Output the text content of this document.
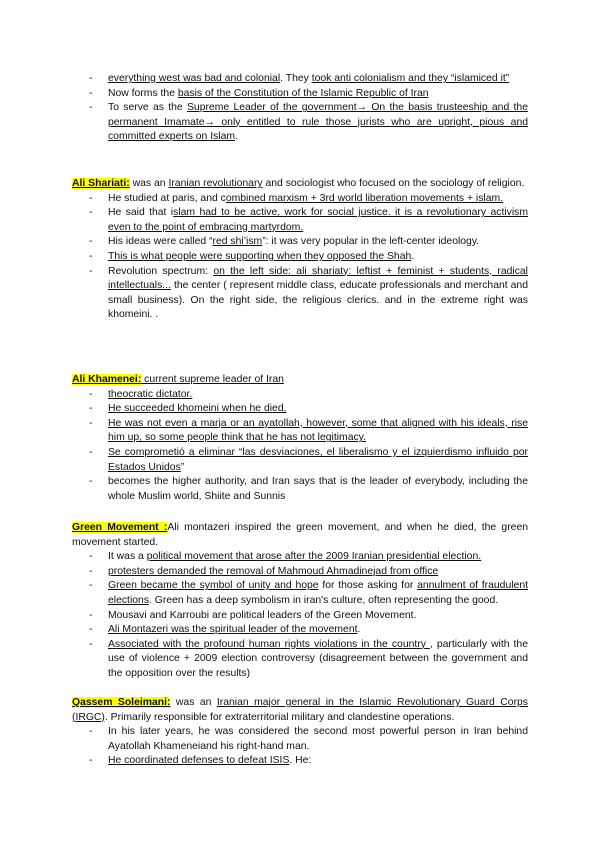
- everything west was bad and colonial. They took anti colonialism and they “islamiced it”
- Now forms the basis of the Constitution of the Islamic Republic of Iran
- To serve as the Supreme Leader of the government→ On the basis trusteeship and the permanent Imamate→ only entitled to rule those jurists who are upright, pious and committed experts on Islam.

Ali Shariati: was an Iranian revolutionary and sociologist who focused on the sociology of religion.

- He studied at paris, and combined marxism + 3rd world liberation movements + islam.
- He said that islam had to be active, work for social justice. it is a revolutionary activism even to the point of embracing martyrdom.
- His ideas were called “red shi’ism”: it was very popular in the left-center ideology.
- This is what people were supporting when they opposed the Shah.
- Revolution spectrum: on the left side: ali shariaty: leftist + feminist + students, radical intellectuals... the center ( represent middle class, educate professionals and merchant and small business). On the right side, the religious clerics. and in the extreme right was khomeini. .

Ali Khamenei: current supreme leader of Iran

- theocratic dictator.
- He succeeded khomeini when he died.
- He was not even a marja or an ayatollah, however, some that aligned with his ideals, rise him up, so some people think that he has not legitimacy.
- Se comprometió a eliminar “las desviaciones, el liberalismo y el izquierdismo influido por Estados Unidos”
- becomes the higher authority, and Iran says that is the leader of everybody, including the whole Muslim world, Shiite and Sunnis

Green Movement :Ali montazeri inspired the green movement, and when he died, the green movement started.

- It was a political movement that arose after the 2009 Iranian presidential election.
- protesters demanded the removal of Mahmoud Ahmadinejad from office
- Green became the symbol of unity and hope for those asking for annulment of fraudulent elections. Green has a deep symbolism in iran's culture, often representing the good.
- Mousavi and Karroubi are political leaders of the Green Movement.
- Ali Montazeri was the spiritual leader of the movement.
- Associated with the profound human rights violations in the country , particularly with the use of violence + 2009 election controversy (disagreement between the government and the opposition over the results)

Qassem Soleimani: was an Iranian major general in the Islamic Revolutionary Guard Corps (IRGC). Primarily responsible for extraterritorial military and clandestine operations.

- In his later years, he was considered the second most powerful person in Iran behind Ayatollah Khameneiand his right-hand man.
- He coordinated defenses to defeat ISIS. He:
